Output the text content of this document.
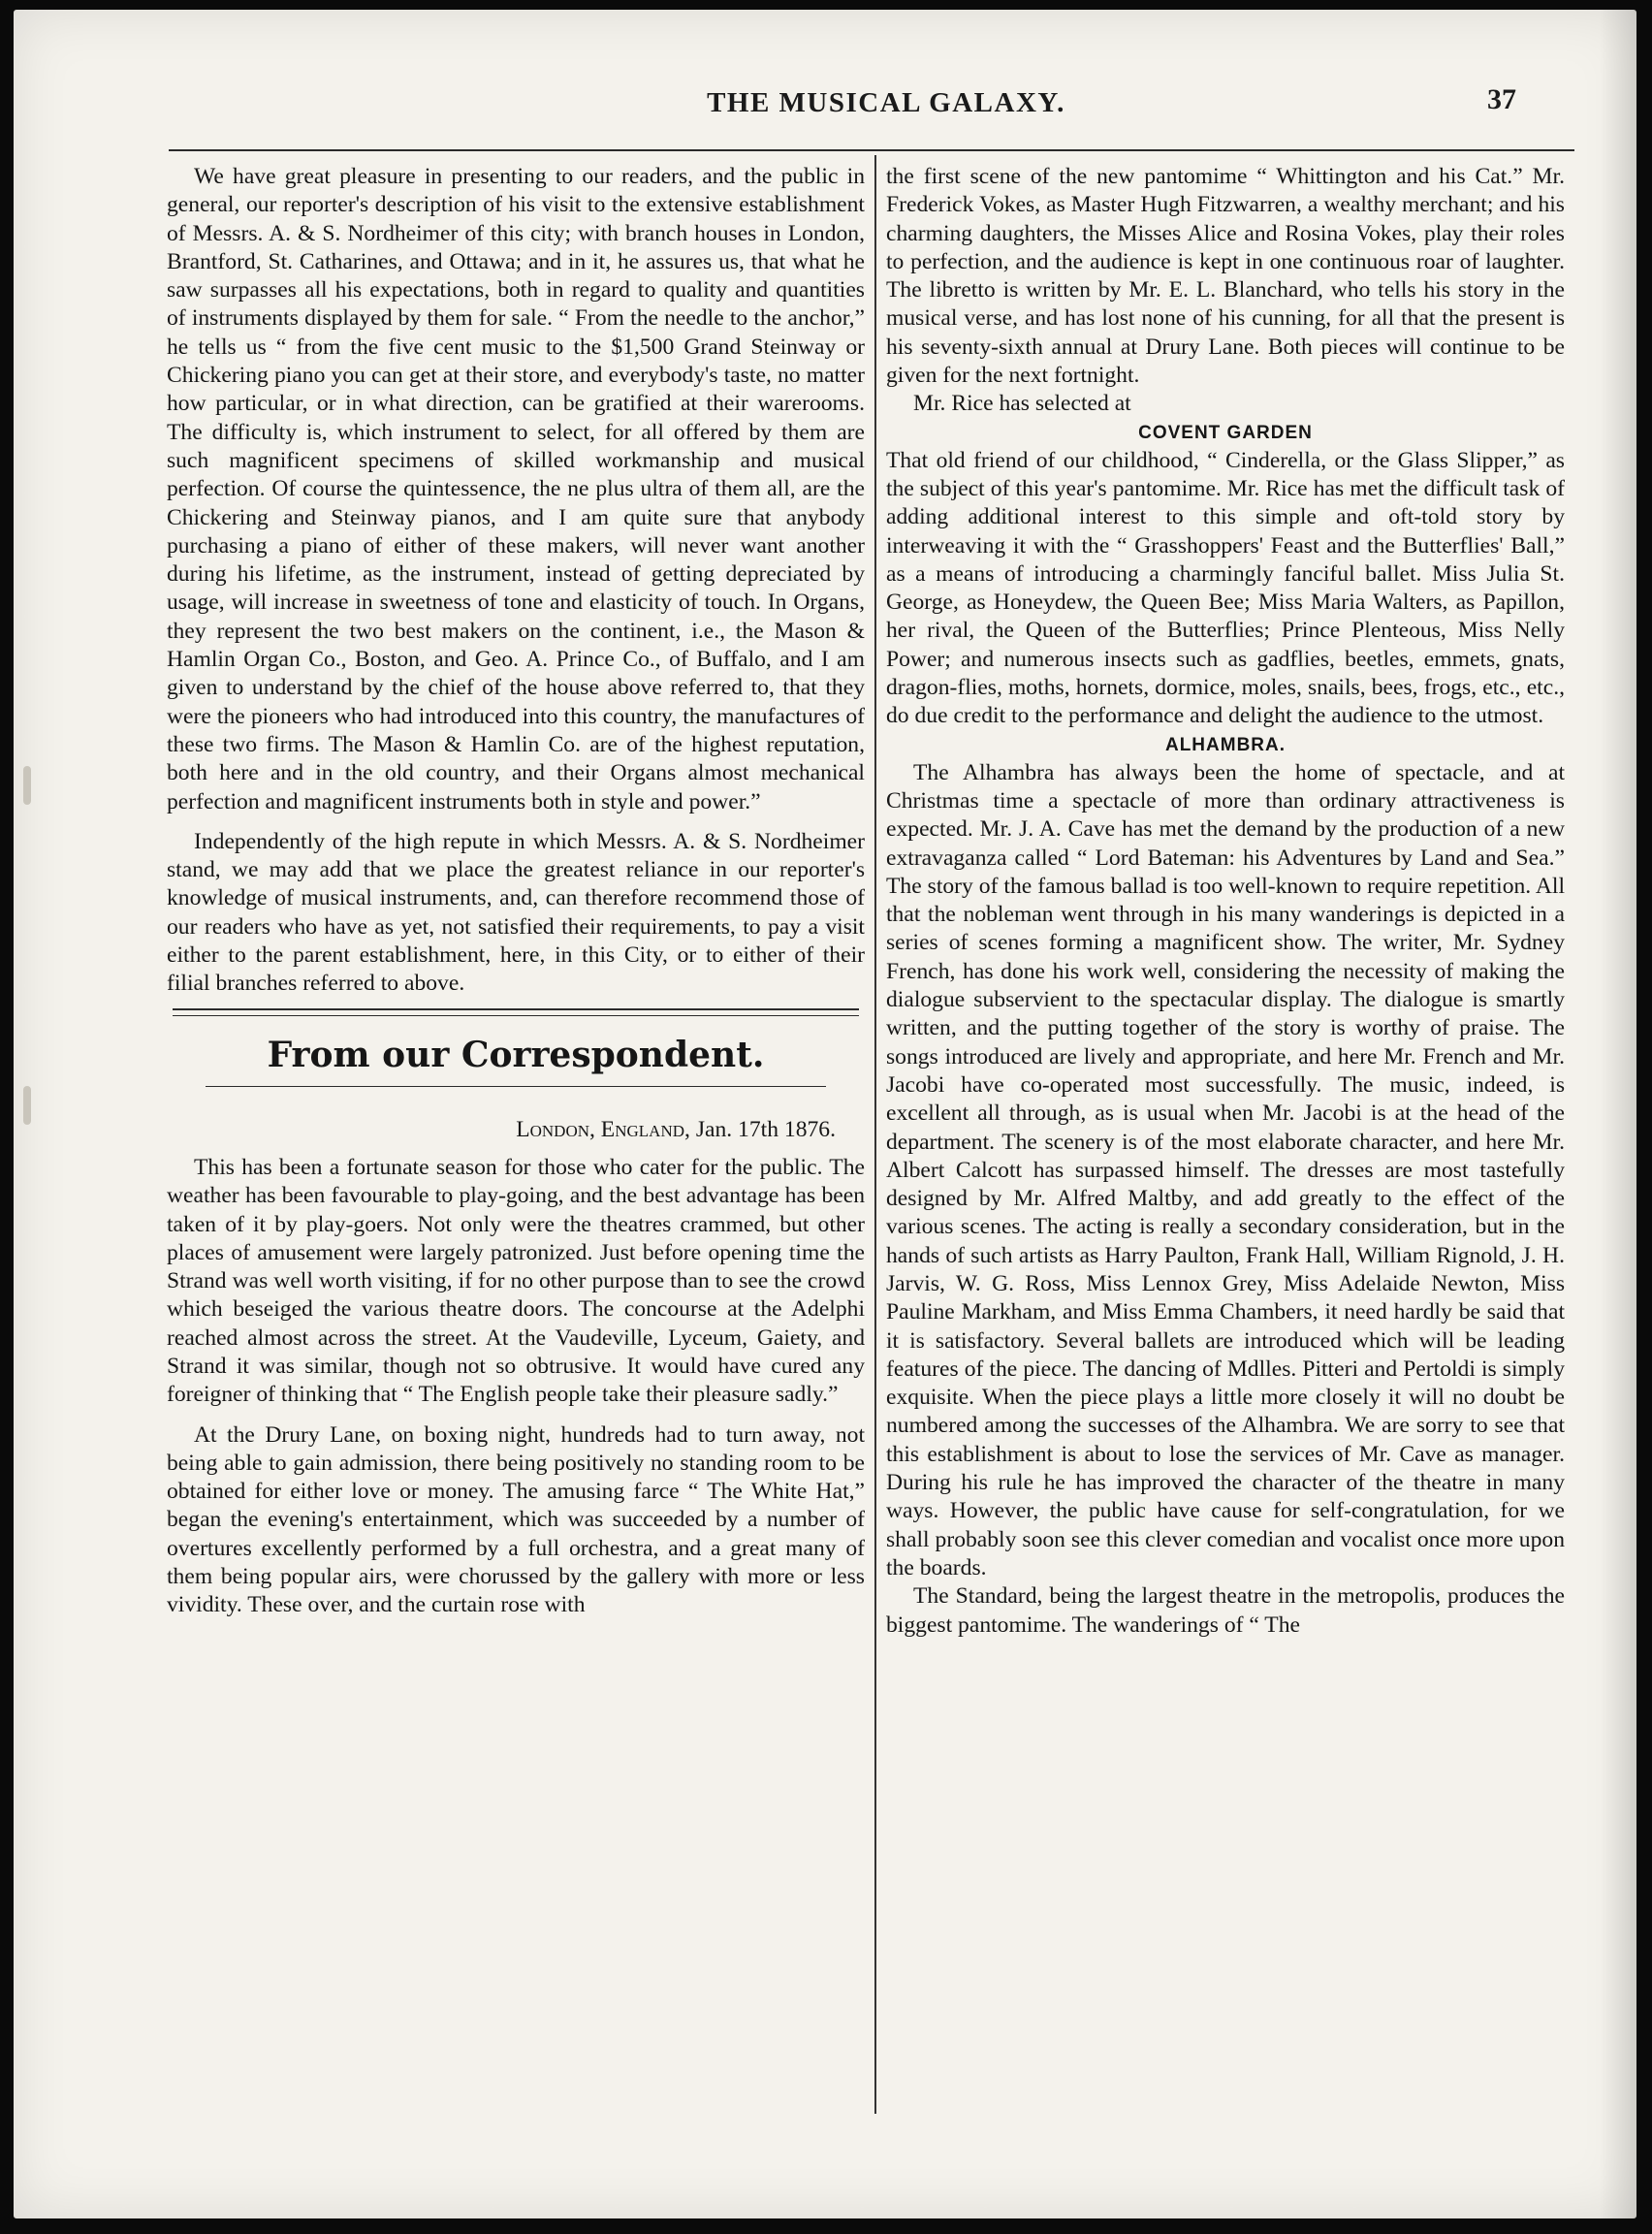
THE MUSICAL GALAXY.	37

We have great pleasure in presenting to our readers, and the public in general, our reporter's description of his visit to the extensive establishment of Messrs. A. & S. Nordheimer of this city; with branch houses in London, Brantford, St. Catharines, and Ottawa; and in it, he assures us, that what he saw surpasses all his expectations, both in regard to quality and quantities of instruments displayed by them for sale. “ From the needle to the anchor,” he tells us “ from the five cent music to the $1,500 Grand Steinway or Chickering piano you can get at their store, and everybody's taste, no matter how particular, or in what direction, can be gratified at their warerooms. The difficulty is, which instrument to select, for all offered by them are such magnificent specimens of skilled workmanship and musical perfection. Of course the quintessence, the ne plus ultra of them all, are the Chickering and Steinway pianos, and I am quite sure that anybody purchasing a piano of either of these makers, will never want another during his lifetime, as the instrument, instead of getting depreciated by usage, will increase in sweetness of tone and elasticity of touch. In Organs, they represent the two best makers on the continent, i.e., the Mason & Hamlin Organ Co., Boston, and Geo. A. Prince Co., of Buffalo, and I am given to understand by the chief of the house above referred to, that they were the pioneers who had introduced into this country, the manufactures of these two firms. The Mason & Hamlin Co. are of the highest reputation, both here and in the old country, and their Organs almost mechanical perfection and magnificent instruments both in style and power.”

Independently of the high repute in which Messrs. A. & S. Nordheimer stand, we may add that we place the greatest reliance in our reporter's knowledge of musical instruments, and, can therefore recommend those of our readers who have as yet, not satisfied their requirements, to pay a visit either to the parent establishment, here, in this City, or to either of their filial branches referred to above.

From our Correspondent.

London, England, Jan. 17th 1876.

This has been a fortunate season for those who cater for the public. The weather has been favourable to play-going, and the best advantage has been taken of it by play-goers. Not only were the theatres crammed, but other places of amusement were largely patronized. Just before opening time the Strand was well worth visiting, if for no other purpose than to see the crowd which beseiged the various theatre doors. The concourse at the Adelphi reached almost across the street. At the Vaudeville, Lyceum, Gaiety, and Strand it was similar, though not so obtrusive. It would have cured any foreigner of thinking that “ The English people take their pleasure sadly.”

At the Drury Lane, on boxing night, hundreds had to turn away, not being able to gain admission, there being positively no standing room to be obtained for either love or money. The amusing farce “ The White Hat,” began the evening's entertainment, which was succeeded by a number of overtures excellently performed by a full orchestra, and a great many of them being popular airs, were chorussed by the gallery with more or less vividity. These over, and the curtain rose with

the first scene of the new pantomime “ Whittington and his Cat.” Mr. Frederick Vokes, as Master Hugh Fitzwarren, a wealthy merchant; and his charming daughters, the Misses Alice and Rosina Vokes, play their roles to perfection, and the audience is kept in one continuous roar of laughter. The libretto is written by Mr. E. L. Blanchard, who tells his story in the musical verse, and has lost none of his cunning, for all that the present is his seventy-sixth annual at Drury Lane. Both pieces will continue to be given for the next fortnight.

Mr. Rice has selected at

COVENT GARDEN

That old friend of our childhood, “ Cinderella, or the Glass Slipper,” as the subject of this year's pantomime. Mr. Rice has met the difficult task of adding additional interest to this simple and oft-told story by interweaving it with the “ Grasshoppers' Feast and the Butterflies' Ball,” as a means of introducing a charmingly fanciful ballet. Miss Julia St. George, as Honeydew, the Queen Bee; Miss Maria Walters, as Papillon, her rival, the Queen of the Butterflies; Prince Plenteous, Miss Nelly Power; and numerous insects such as gadflies, beetles, emmets, gnats, dragon-flies, moths, hornets, dormice, moles, snails, bees, frogs, etc., etc., do due credit to the performance and delight the audience to the utmost.

ALHAMBRA.

The Alhambra has always been the home of spectacle, and at Christmas time a spectacle of more than ordinary attractiveness is expected. Mr. J. A. Cave has met the demand by the production of a new extravaganza called “ Lord Bateman: his Adventures by Land and Sea.” The story of the famous ballad is too well-known to require repetition. All that the nobleman went through in his many wanderings is depicted in a series of scenes forming a magnificent show. The writer, Mr. Sydney French, has done his work well, considering the necessity of making the dialogue subservient to the spectacular display. The dialogue is smartly written, and the putting together of the story is worthy of praise. The songs introduced are lively and appropriate, and here Mr. French and Mr. Jacobi have co-operated most successfully. The music, indeed, is excellent all through, as is usual when Mr. Jacobi is at the head of the department. The scenery is of the most elaborate character, and here Mr. Albert Calcott has surpassed himself. The dresses are most tastefully designed by Mr. Alfred Maltby, and add greatly to the effect of the various scenes. The acting is really a secondary consideration, but in the hands of such artists as Harry Paulton, Frank Hall, William Rignold, J. H. Jarvis, W. G. Ross, Miss Lennox Grey, Miss Adelaide Newton, Miss Pauline Markham, and Miss Emma Chambers, it need hardly be said that it is satisfactory. Several ballets are introduced which will be leading features of the piece. The dancing of Mdlles. Pitteri and Pertoldi is simply exquisite. When the piece plays a little more closely it will no doubt be numbered among the successes of the Alhambra. We are sorry to see that this establishment is about to lose the services of Mr. Cave as manager. During his rule he has improved the character of the theatre in many ways. However, the public have cause for self-congratulation, for we shall probably soon see this clever comedian and vocalist once more upon the boards.

The Standard, being the largest theatre in the metropolis, produces the biggest pantomime. The wanderings of “ The
